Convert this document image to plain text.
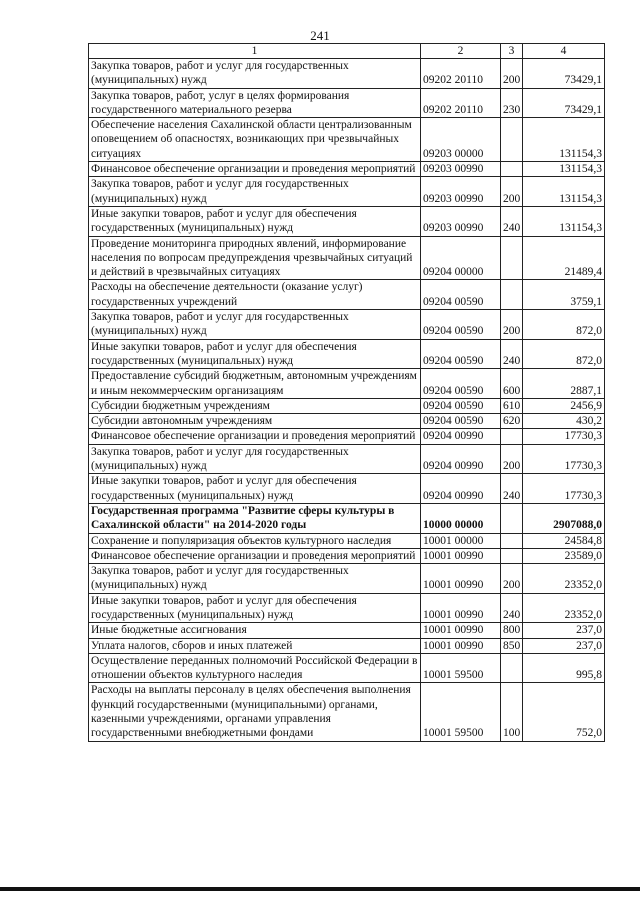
241
1	2	3	4
Закупка товаров, работ и услуг для государственных (муниципальных) нужд	09202 20110	200	73429,1
Закупка товаров, работ, услуг в целях формирования государственного материального резерва	09202 20110	230	73429,1
Обеспечение населения Сахалинской области централизованным оповещением об опасностях, возникающих при чрезвычайных ситуациях	09203 00000		131154,3
Финансовое обеспечение организации и проведения мероприятий	09203 00990		131154,3
Закупка товаров, работ и услуг для государственных (муниципальных) нужд	09203 00990	200	131154,3
Иные закупки товаров, работ и услуг для обеспечения государственных (муниципальных) нужд	09203 00990	240	131154,3
Проведение мониторинга природных явлений, информирование населения по вопросам предупреждения чрезвычайных ситуаций и действий в чрезвычайных ситуациях	09204 00000		21489,4
Расходы на обеспечение деятельности (оказание услуг) государственных учреждений	09204 00590		3759,1
Закупка товаров, работ и услуг для государственных (муниципальных) нужд	09204 00590	200	872,0
Иные закупки товаров, работ и услуг для обеспечения государственных (муниципальных) нужд	09204 00590	240	872,0
Предоставление субсидий бюджетным, автономным учреждениям и иным некоммерческим организациям	09204 00590	600	2887,1
Субсидии бюджетным учреждениям	09204 00590	610	2456,9
Субсидии автономным учреждениям	09204 00590	620	430,2
Финансовое обеспечение организации и проведения мероприятий	09204 00990		17730,3
Закупка товаров, работ и услуг для государственных (муниципальных) нужд	09204 00990	200	17730,3
Иные закупки товаров, работ и услуг для обеспечения государственных (муниципальных) нужд	09204 00990	240	17730,3
Государственная программа "Развитие сферы культуры в Сахалинской области" на 2014-2020 годы	10000 00000		2907088,0
Сохранение и популяризация объектов культурного наследия	10001 00000		24584,8
Финансовое обеспечение организации и проведения мероприятий	10001 00990		23589,0
Закупка товаров, работ и услуг для государственных (муниципальных) нужд	10001 00990	200	23352,0
Иные закупки товаров, работ и услуг для обеспечения государственных (муниципальных) нужд	10001 00990	240	23352,0
Иные бюджетные ассигнования	10001 00990	800	237,0
Уплата налогов, сборов и иных платежей	10001 00990	850	237,0
Осуществление переданных полномочий Российской Федерации в отношении объектов культурного наследия	10001 59500		995,8
Расходы на выплаты персоналу в целях обеспечения выполнения функций государственными (муниципальными) органами, казенными учреждениями, органами управления государственными внебюджетными фондами	10001 59500	100	752,0
